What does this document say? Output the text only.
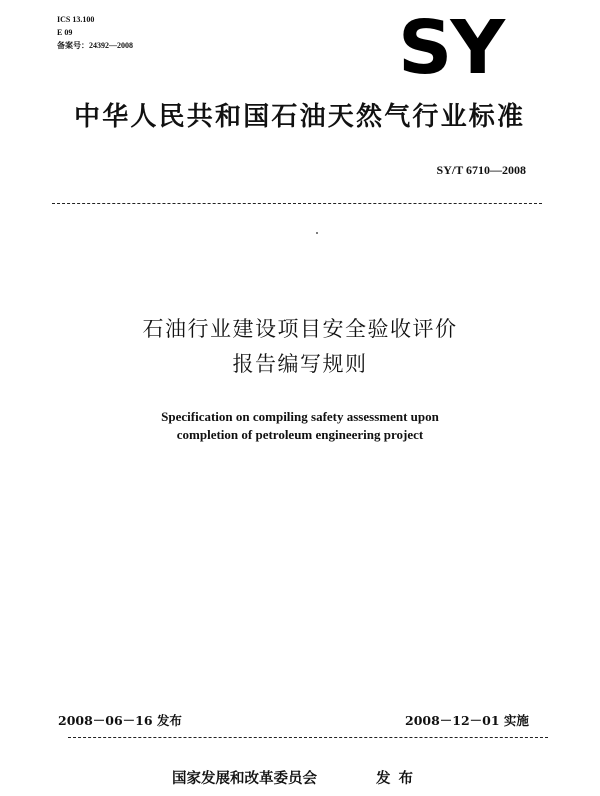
ICS 13.100
E 09
备案号：24392—2008	SY
中华人民共和国石油天然气行业标准
SY/T 6710—2008
石油行业建设项目安全验收评价
报告编写规则
Specification on compiling safety assessment upon
completion of petroleum engineering project
2008－06－16 发布	2008－12－01 实施
国家发展和改革委员会	发布
